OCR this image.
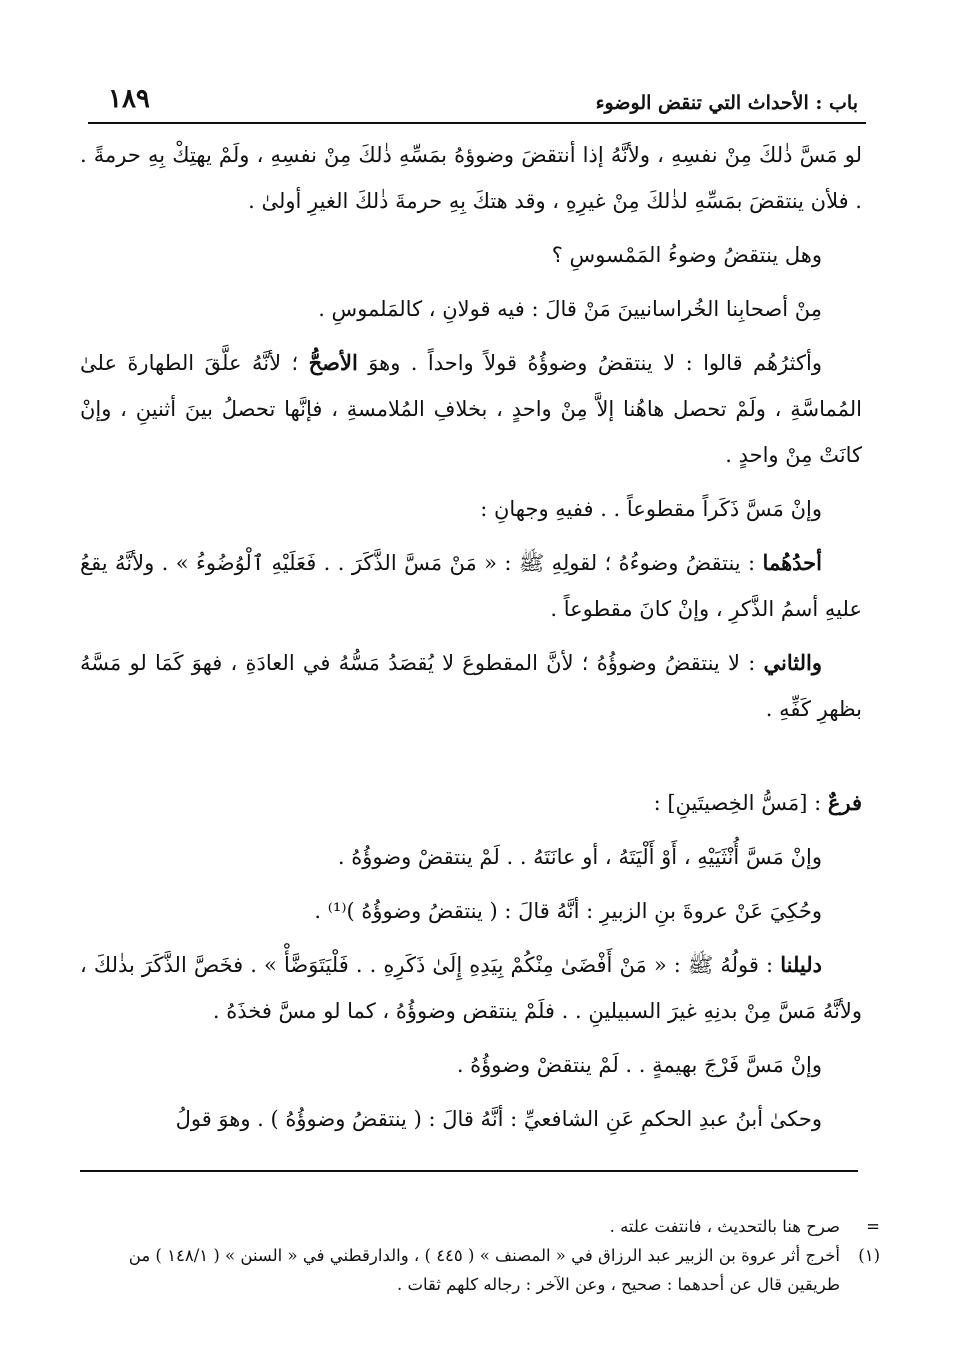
باب : الأحداث التي تنقض الوضوء
١٨٩

لو مَسَّ ذٰلكَ مِنْ نفسِهِ ، ولأنَّهُ إذا أنتقضَ وضوؤهُ بمَسِّهِ ذٰلكَ مِنْ نفسِهِ ، ولَمْ يهتِكْ بِهِ حرمةً . . فلأن ينتقضَ بمَسِّهِ لذٰلكَ مِنْ غيرِهِ ، وقد هتكَ بِهِ حرمةَ ذٰلكَ الغيرِ أولىٰ .

وهل ينتقضُ وضوءُ المَمْسوسِ ؟

مِنْ أصحابِنا الخُراسانيينَ مَنْ قالَ : فيه قولانِ ، كالمَلموسِ .

وأكثرُهُم قالوا : لا ينتقضُ وضوؤُهُ قولاً واحداً . وهوَ الأصحُّ ؛ لأنَّهُ علَّقَ الطهارةَ علىٰ المُماسَّةِ ، ولَمْ تحصل هاهُنا إلاَّ مِنْ واحدٍ ، بخلافِ المُلامسةِ ، فإنَّها تحصلُ بينَ أثنينِ ، وإنْ كانَتْ مِنْ واحدٍ .

وإنْ مَسَّ ذَكَراً مقطوعاً . . ففيهِ وجهانِ :

أحدُهُما : ينتقضُ وضوءُهُ ؛ لقولِهِ ﷺ : « مَنْ مَسَّ الذَّكَرَ . . فَعَلَيْهِ ٱلْوُضُوءُ » . ولأنَّهُ يقعُ عليهِ أسمُ الذَّكرِ ، وإنْ كانَ مقطوعاً .

والثاني : لا ينتقضُ وضوؤُهُ ؛ لأنَّ المقطوعَ لا يُقصَدُ مَسُّهُ في العادَةِ ، فهوَ كَمَا لو مَسَّهُ بظهرِ كَفِّهِ .

فرعٌ : [مَسُّ الخِصيتَينِ] :

وإنْ مَسَّ أُنْثَيَيْهِ ، أَوْ أَلْيَتَهُ ، أو عانَتَهُ . . لَمْ ينتقضْ وضوؤُهُ .

وحُكِيَ عَنْ عروةَ بنِ الزبيرِ : أنَّهُ قالَ : ( ينتقضُ وضوؤُهُ )⁽¹⁾ .

دليلنا : قولُهُ ﷺ : « مَنْ أَفْضَىٰ مِنْكُمْ بِيَدِهِ إِلَىٰ ذَكَرِهِ . . فَلْيَتَوَضَّأْ » . فخَصَّ الذَّكَرَ بذٰلكَ ، ولأنَّهُ مَسَّ مِنْ بدنِهِ غيرَ السبيلينِ . . فلَمْ ينتقض وضوؤُهُ ، كما لو مسَّ فخذَهُ .

وإنْ مَسَّ فَرْجَ بهيمةٍ . . لَمْ ينتقضْ وضوؤُهُ .

وحكىٰ أبنُ عبدِ الحكمِ عَنِ الشافعيِّ : أنَّهُ قالَ : ( ينتقضُ وضوؤُهُ ) . وهوَ قولُ

=
صرح هنا بالتحديث ، فانتفت علته .
(١)
أخرج أثر عروة بن الزبير عبد الرزاق في « المصنف » ( ٤٤٥ ) ، والدارقطني في « السنن » ( ١٤٨/١ ) من طريقين قال عن أحدهما : صحيح ، وعن الآخر : رجاله كلهم ثقات .
